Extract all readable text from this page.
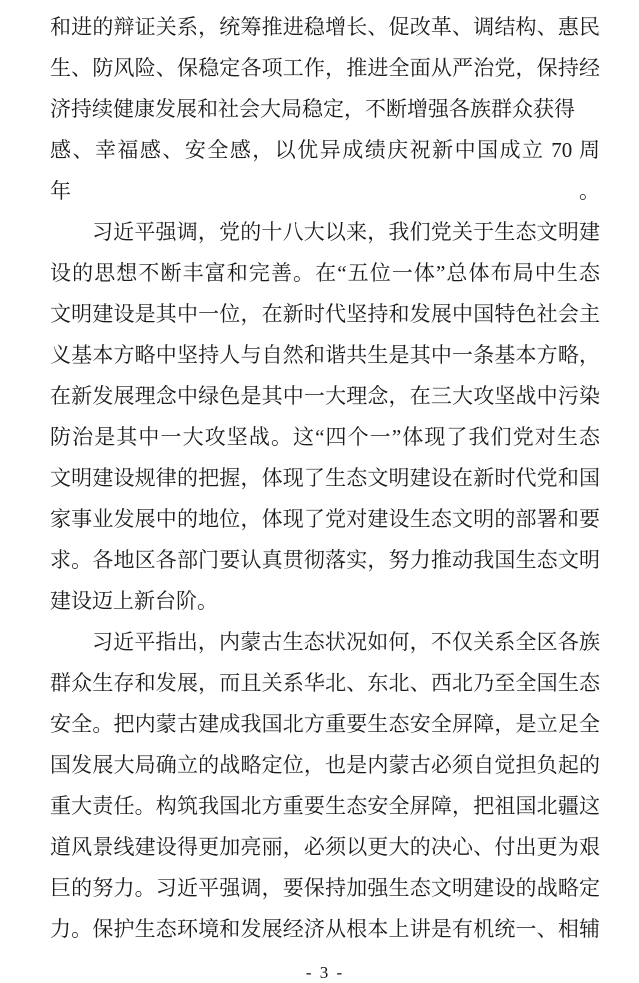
和进的辩证关系，统筹推进稳增长、促改革、调结构、惠民
生、防风险、保稳定各项工作，推进全面从严治党，保持经
济持续健康发展和社会大局稳定，不断增强各族群众获得
感、幸福感、安全感，以优异成绩庆祝新中国成立 70 周年。
习近平强调，党的十八大以来，我们党关于生态文明建
设的思想不断丰富和完善。在“五位一体”总体布局中生态
文明建设是其中一位，在新时代坚持和发展中国特色社会主
义基本方略中坚持人与自然和谐共生是其中一条基本方略，
在新发展理念中绿色是其中一大理念，在三大攻坚战中污染
防治是其中一大攻坚战。这“四个一”体现了我们党对生态
文明建设规律的把握，体现了生态文明建设在新时代党和国
家事业发展中的地位，体现了党对建设生态文明的部署和要
求。各地区各部门要认真贯彻落实，努力推动我国生态文明
建设迈上新台阶。
习近平指出，内蒙古生态状况如何，不仅关系全区各族
群众生存和发展，而且关系华北、东北、西北乃至全国生态
安全。把内蒙古建成我国北方重要生态安全屏障，是立足全
国发展大局确立的战略定位，也是内蒙古必须自觉担负起的
重大责任。构筑我国北方重要生态安全屏障，把祖国北疆这
道风景线建设得更加亮丽，必须以更大的决心、付出更为艰
巨的努力。习近平强调，要保持加强生态文明建设的战略定
力。保护生态环境和发展经济从根本上讲是有机统一、相辅
- 3 -
